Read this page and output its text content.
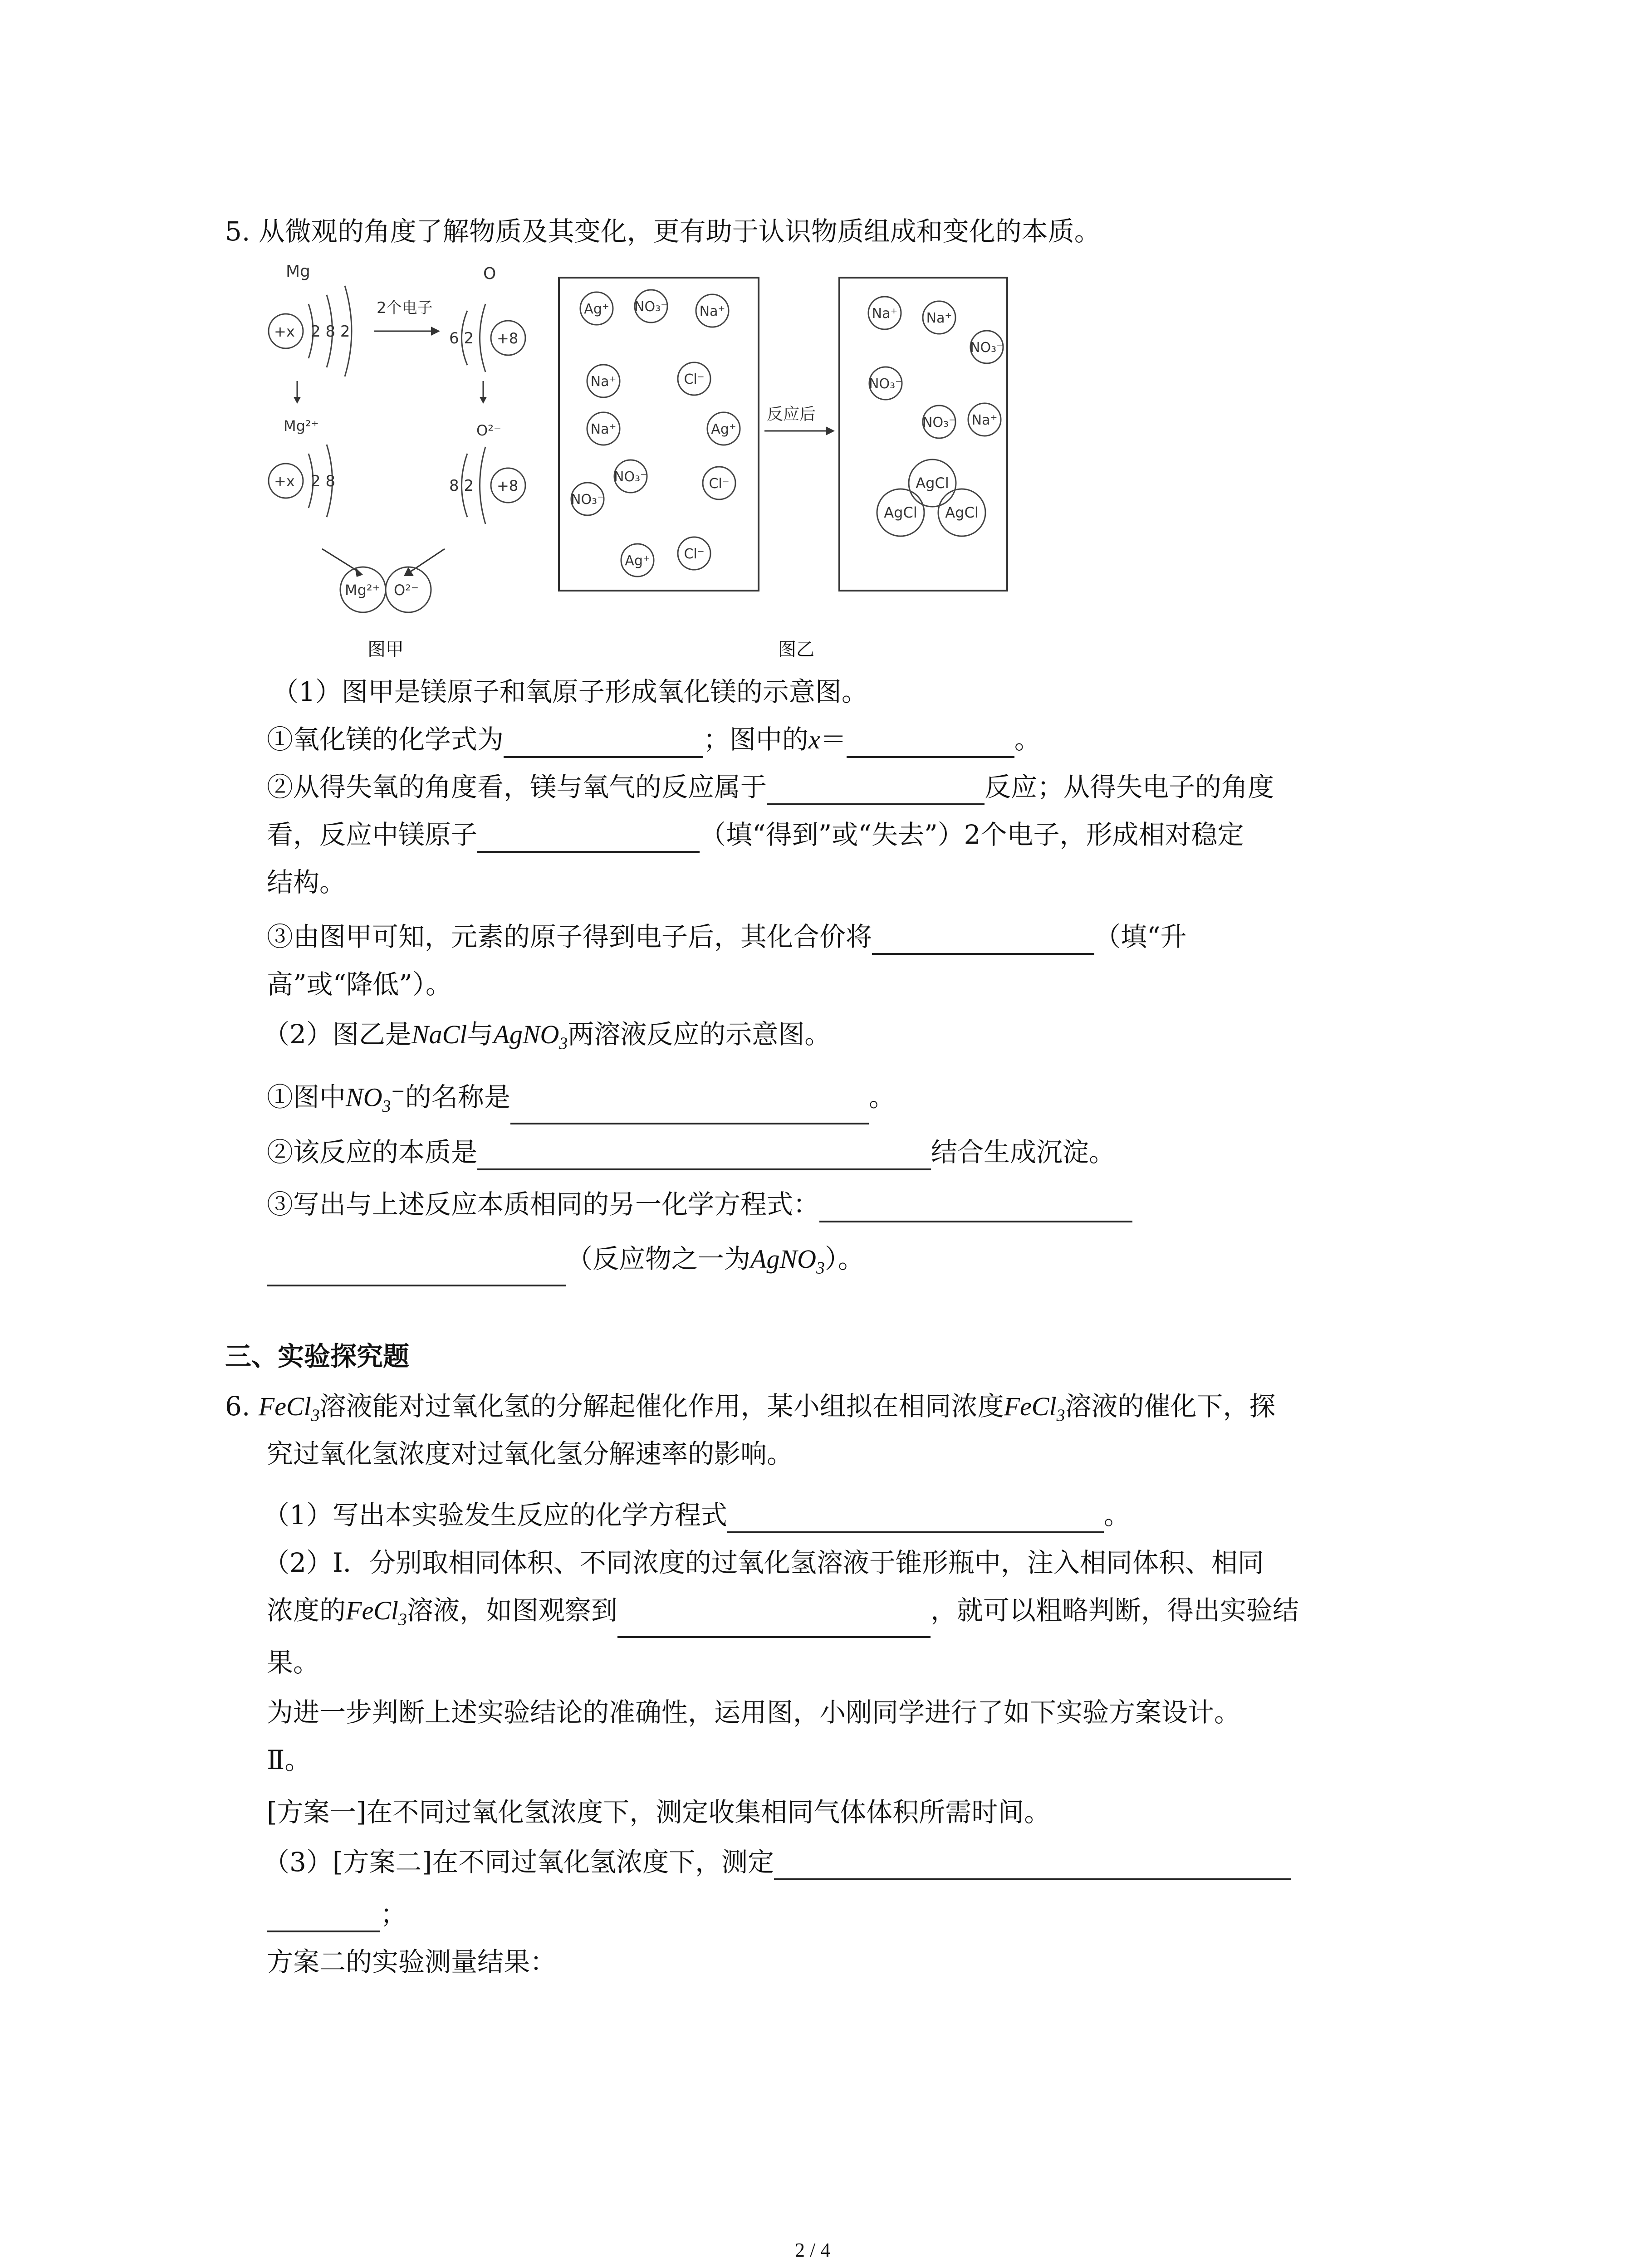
5. 从微观的角度了解物质及其变化，更有助于认识物质组成和变化的本质。
Mg
+x 2 8 2
2个电子
O
+8
6 2
Mg²⁺
+x 2 8
O²⁻
+8
8 2
Mg²⁺ O²⁻
图甲
反应后
Ag⁺ NO₃⁻ Na⁺
Na⁺	Cl⁻
Na⁺	Ag⁺
NO₃⁻	Cl⁻
NO₃⁻
Ag⁺ Cl⁻
Na⁺ Na⁺
NO₃⁻
NO₃⁻
NO₃⁻ Na⁺
AgCl
AgCl AgCl
图乙
（1）图甲是镁原子和氧原子形成氧化镁的示意图。
①氧化镁的化学式为	；图中的x＝	。
②从得失氧的角度看，镁与氧气的反应属于	反应；从得失电子的角度
看，反应中镁原子	（填“得到”或“失去”）2个电子，形成相对稳定
结构。
③由图甲可知，元素的原子得到电子后，其化合价将	（填“升
高”或“降低”）。
（2）图乙是NaCl与AgNO$_3$两溶液反应的示意图。
①图中$NO_3^-$的名称是	。
②该反应的本质是	结合生成沉淀。
③写出与上述反应本质相同的另一化学方程式：
（反应物之一为AgNO$_3$）。
三、实验探究题
6. FeCl$_3$溶液能对过氧化氢的分解起催化作用，某小组拟在相同浓度FeCl$_3$溶液的催化下，探
究过氧化氢浓度对过氧化氢分解速率的影响。
（1）写出本实验发生反应的化学方程式	。
（2）Ⅰ．分别取相同体积、不同浓度的过氧化氢溶液于锥形瓶中，注入相同体积、相同
浓度的FeCl$_3$溶液，如图观察到	，就可以粗略判断，得出实验结
果。
为进一步判断上述实验结论的准确性，运用图，小刚同学进行了如下实验方案设计。
Ⅱ。
[方案一]在不同过氧化氢浓度下，测定收集相同气体体积所需时间。
（3）[方案二]在不同过氧化氢浓度下，测定
；
方案二的实验测量结果：
2 / 4
